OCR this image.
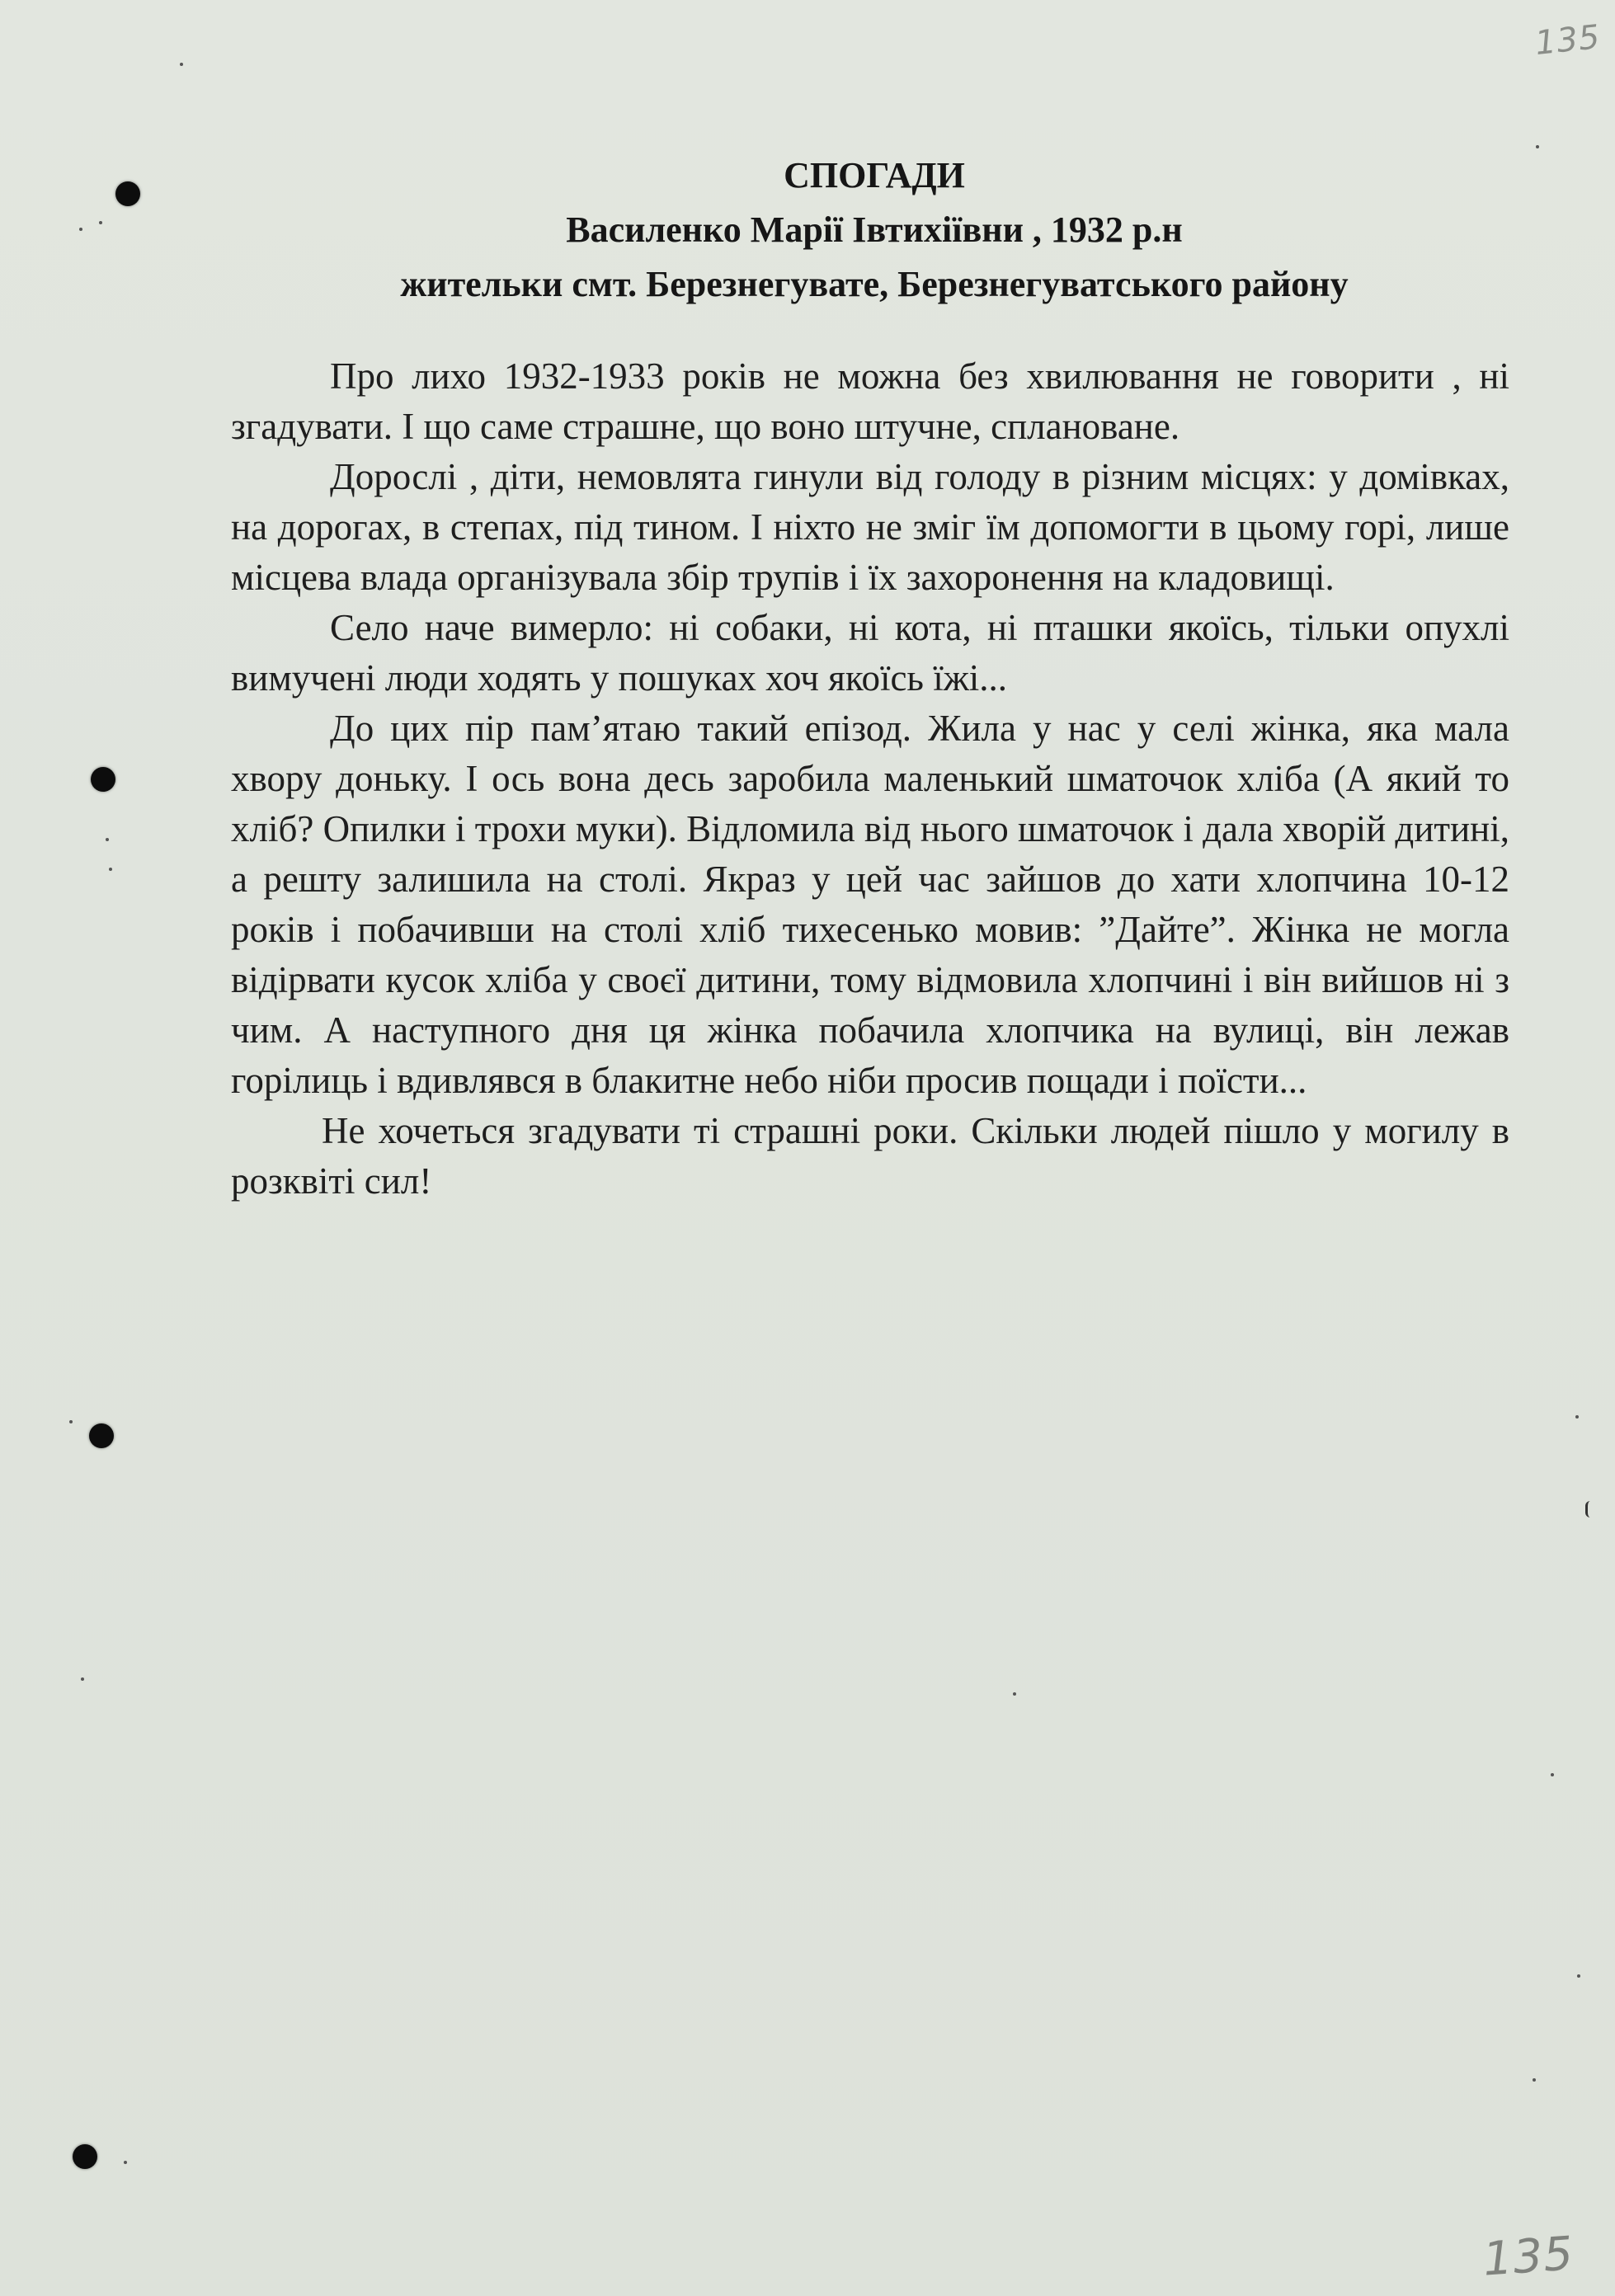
135
СПОГАДИ
Василенко Марії Івтихіївни , 1932 р.н
жительки смт. Березнегувате, Березнегуватського району

Про лихо 1932-1933 років не можна без хвилювання не говорити , ні згадувати. І що саме страшне, що воно штучне, сплановане.

Дорослі , діти, немовлята гинули від голоду в різним місцях: у домівках, на дорогах, в степах, під тином. І ніхто не зміг їм допомогти в цьому горі, лише місцева влада організувала збір трупів і їх захоронення на кладовищі.

Село наче вимерло: ні собаки, ні кота, ні пташки якоїсь, тільки опухлі вимучені люди ходять у пошуках хоч якоїсь їжі...

До цих пір пам’ятаю такий епізод. Жила у нас у селі жінка, яка мала хвору доньку. І ось вона десь заробила маленький шматочок хліба (А який то хліб? Опилки і трохи муки). Відломила від нього шматочок і дала хворій дитині, а решту залишила на столі. Якраз у цей час зайшов до хати хлопчина 10-12 років і побачивши на столі хліб тихесенько мовив: ”Дайте”. Жінка не могла відірвати кусок хліба у своєї дитини, тому відмовила хлопчині і він вийшов ні з чим. А наступного дня ця жінка побачила хлопчика на вулиці, він лежав горілиць і вдивлявся в блакитне небо ніби просив пощади і поїсти...

Не хочеться згадувати ті страшні роки. Скільки людей пішло у могилу в розквіті сил!

135
